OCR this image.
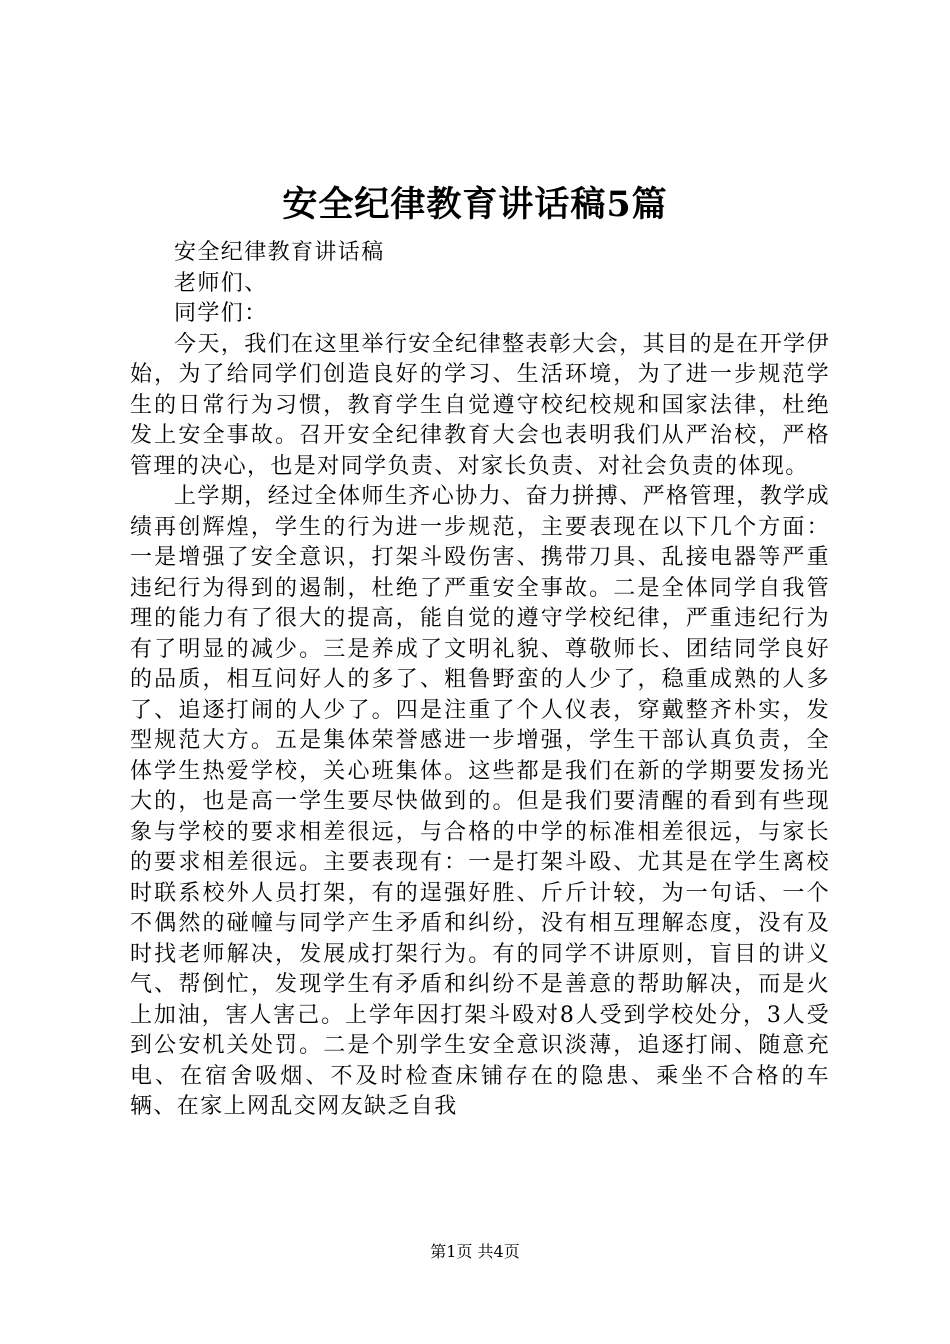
安全纪律教育讲话稿5篇

安全纪律教育讲话稿

老师们、

同学们：

今天，我们在这里举行安全纪律整表彰大会，其目的是在开学伊始，为了给同学们创造良好的学习、生活环境，为了进一步规范学生的日常行为习惯，教育学生自觉遵守校纪校规和国家法律，杜绝发上安全事故。召开安全纪律教育大会也表明我们从严治校，严格管理的决心，也是对同学负责、对家长负责、对社会负责的体现。

上学期，经过全体师生齐心协力、奋力拼搏、严格管理，教学成绩再创辉煌，学生的行为进一步规范，主要表现在以下几个方面：一是增强了安全意识，打架斗殴伤害、携带刀具、乱接电器等严重违纪行为得到的遏制，杜绝了严重安全事故。二是全体同学自我管理的能力有了很大的提高，能自觉的遵守学校纪律，严重违纪行为有了明显的减少。三是养成了文明礼貌、尊敬师长、团结同学良好的品质，相互问好人的多了、粗鲁野蛮的人少了，稳重成熟的人多了、追逐打闹的人少了。四是注重了个人仪表，穿戴整齐朴实，发型规范大方。五是集体荣誉感进一步增强，学生干部认真负责，全体学生热爱学校，关心班集体。这些都是我们在新的学期要发扬光大的，也是高一学生要尽快做到的。但是我们要清醒的看到有些现象与学校的要求相差很远，与合格的中学的标准相差很远，与家长的要求相差很远。主要表现有：一是打架斗殴、尤其是在学生离校时联系校外人员打架，有的逞强好胜、斤斤计较，为一句话、一个不偶然的碰幢与同学产生矛盾和纠纷，没有相互理解态度，没有及时找老师解决，发展成打架行为。有的同学不讲原则，盲目的讲义气、帮倒忙，发现学生有矛盾和纠纷不是善意的帮助解决，而是火上加油，害人害己。上学年因打架斗殴对8人受到学校处分，3人受到公安机关处罚。二是个别学生安全意识淡薄，追逐打闹、随意充电、在宿舍吸烟、不及时检查床铺存在的隐患、乘坐不合格的车辆、在家上网乱交网友缺乏自我

第1页 共4页
